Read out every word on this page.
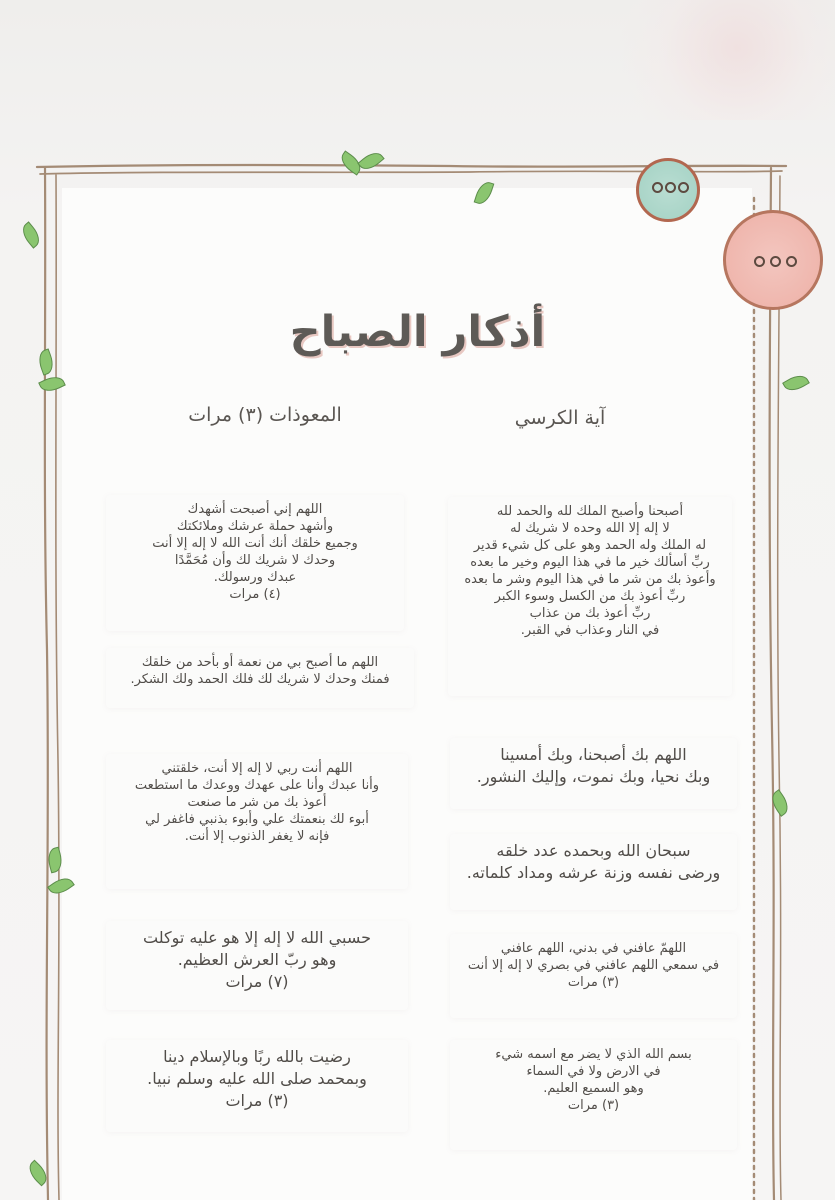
أذكار الصباح
آية الكرسي
المعوذات (٣) مرات
أصبحنا وأصبح الملك لله والحمد لله
لا إله إلا الله وحده لا شريك له
له الملك وله الحمد وهو على كل شيء قدير
ربِّ أسألك خير ما في هذا اليوم وخير ما بعده
وأعوذ بك من شر ما في هذا اليوم وشر ما بعده
ربِّ أعوذ بك من الكسل وسوء الكبر
ربِّ أعوذ بك من عذاب
في النار وعذاب في القبر.
اللهم إني أصبحت أشهدك
وأشهد حملة عرشك وملائكتك
وجميع خلقك أنك أنت الله لا إله إلا أنت
وحدك لا شريك لك وأن مُحَمَّدًا
عبدك ورسولك.
(٤) مرات
اللهم ما أصبح بي من نعمة أو بأحد من خلقك
فمنك وحدك لا شريك لك فلك الحمد ولك الشكر.
اللهم بك أصبحنا، وبك أمسينا
وبك نحيا، وبك نموت، وإليك النشور.
اللهم أنت ربي لا إله إلا أنت، خلقتني
وأنا عبدك وأنا على عهدك ووعدك ما استطعت
أعوذ بك من شر ما صنعت
أبوء لك بنعمتك علي وأبوء بذنبي فاغفر لي
فإنه لا يغفر الذنوب إلا أنت.
سبحان الله وبحمده عدد خلقه
ورضى نفسه وزنة عرشه ومداد كلماته.
حسبي الله لا إله إلا هو عليه توكلت
وهو ربّ العرش العظيم.
(٧) مرات
اللهمّ عافني في بدني، اللهم عافني
في سمعي اللهم عافني في بصري لا إله إلا أنت
(٣) مرات
رضيت بالله ربًا وبالإسلام دينا
وبمحمد صلى الله عليه وسلم نبيا.
(٣) مرات
بسم الله الذي لا يضر مع اسمه شيء
في الارض ولا في السماء
وهو السميع العليم.
(٣) مرات
